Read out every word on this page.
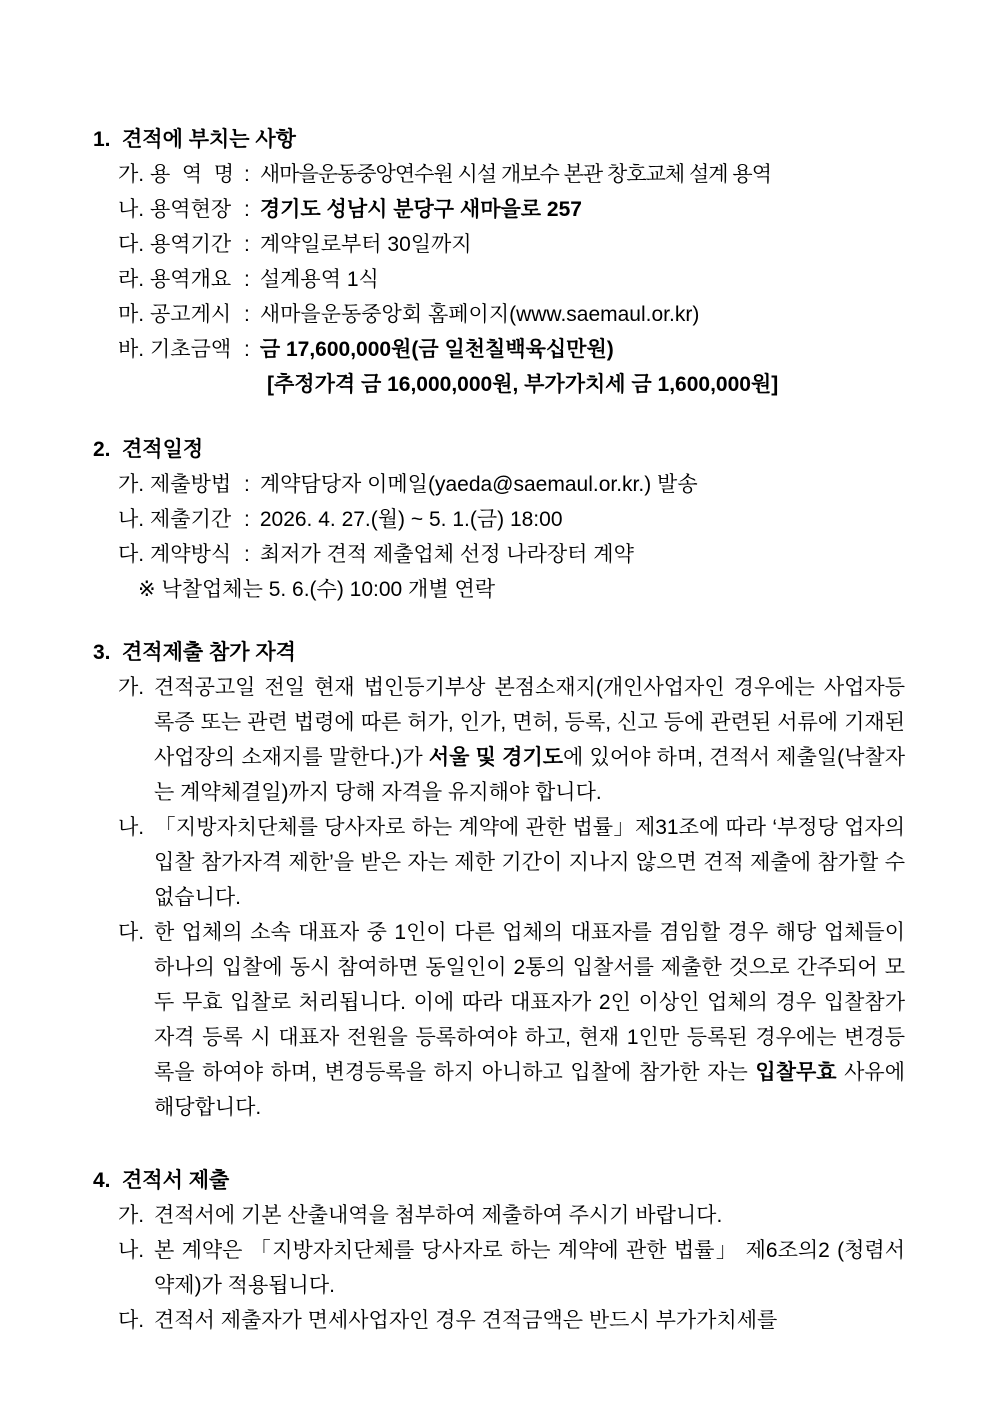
1. 견적에 부치는 사항
가. 용 역 명 : 새마을운동중앙연수원 시설 개보수 본관 창호교체 설계 용역
나. 용역현장 : 경기도 성남시 분당구 새마을로 257
다. 용역기간 : 계약일로부터 30일까지
라. 용역개요 : 설계용역 1식
마. 공고게시 : 새마을운동중앙회 홈페이지(www.saemaul.or.kr)
바. 기초금액 : 금 17,600,000원(금 일천칠백육십만원)
[추정가격 금 16,000,000원, 부가가치세 금 1,600,000원]
2. 견적일정
가. 제출방법 : 계약담당자 이메일(yaeda@saemaul.or.kr.) 발송
나. 제출기간 : 2026. 4. 27.(월) ~ 5. 1.(금) 18:00
다. 계약방식 : 최저가 견적 제출업체 선정 나라장터 계약
※ 낙찰업체는 5. 6.(수) 10:00 개별 연락
3. 견적제출 참가 자격
가. 견적공고일 전일 현재 법인등기부상 본점소재지(개인사업자인 경우에는 사업자등록증 또는 관련 법령에 따른 허가, 인가, 면허, 등록, 신고 등에 관련된 서류에 기재된 사업장의 소재지를 말한다.)가 서울 및 경기도에 있어야 하며, 견적서 제출일(낙찰자는 계약체결일)까지 당해 자격을 유지해야 합니다.
나. 「지방자치단체를 당사자로 하는 계약에 관한 법률」제31조에 따라 ‘부정당 업자의 입찰 참가자격 제한’을 받은 자는 제한 기간이 지나지 않으면 견적 제출에 참가할 수 없습니다.
다. 한 업체의 소속 대표자 중 1인이 다른 업체의 대표자를 겸임할 경우 해당 업체들이 하나의 입찰에 동시 참여하면 동일인이 2통의 입찰서를 제출한 것으로 간주되어 모두 무효 입찰로 처리됩니다. 이에 따라 대표자가 2인 이상인 업체의 경우 입찰참가자격 등록 시 대표자 전원을 등록하여야 하고, 현재 1인만 등록된 경우에는 변경등록을 하여야 하며, 변경등록을 하지 아니하고 입찰에 참가한 자는 입찰무효 사유에 해당합니다.
4. 견적서 제출
가. 견적서에 기본 산출내역을 첨부하여 제출하여 주시기 바랍니다.
나. 본 계약은 「지방자치단체를 당사자로 하는 계약에 관한 법률」 제6조의2 (청렴서약제)가 적용됩니다.
다. 견적서 제출자가 면세사업자인 경우 견적금액은 반드시 부가가치세를
